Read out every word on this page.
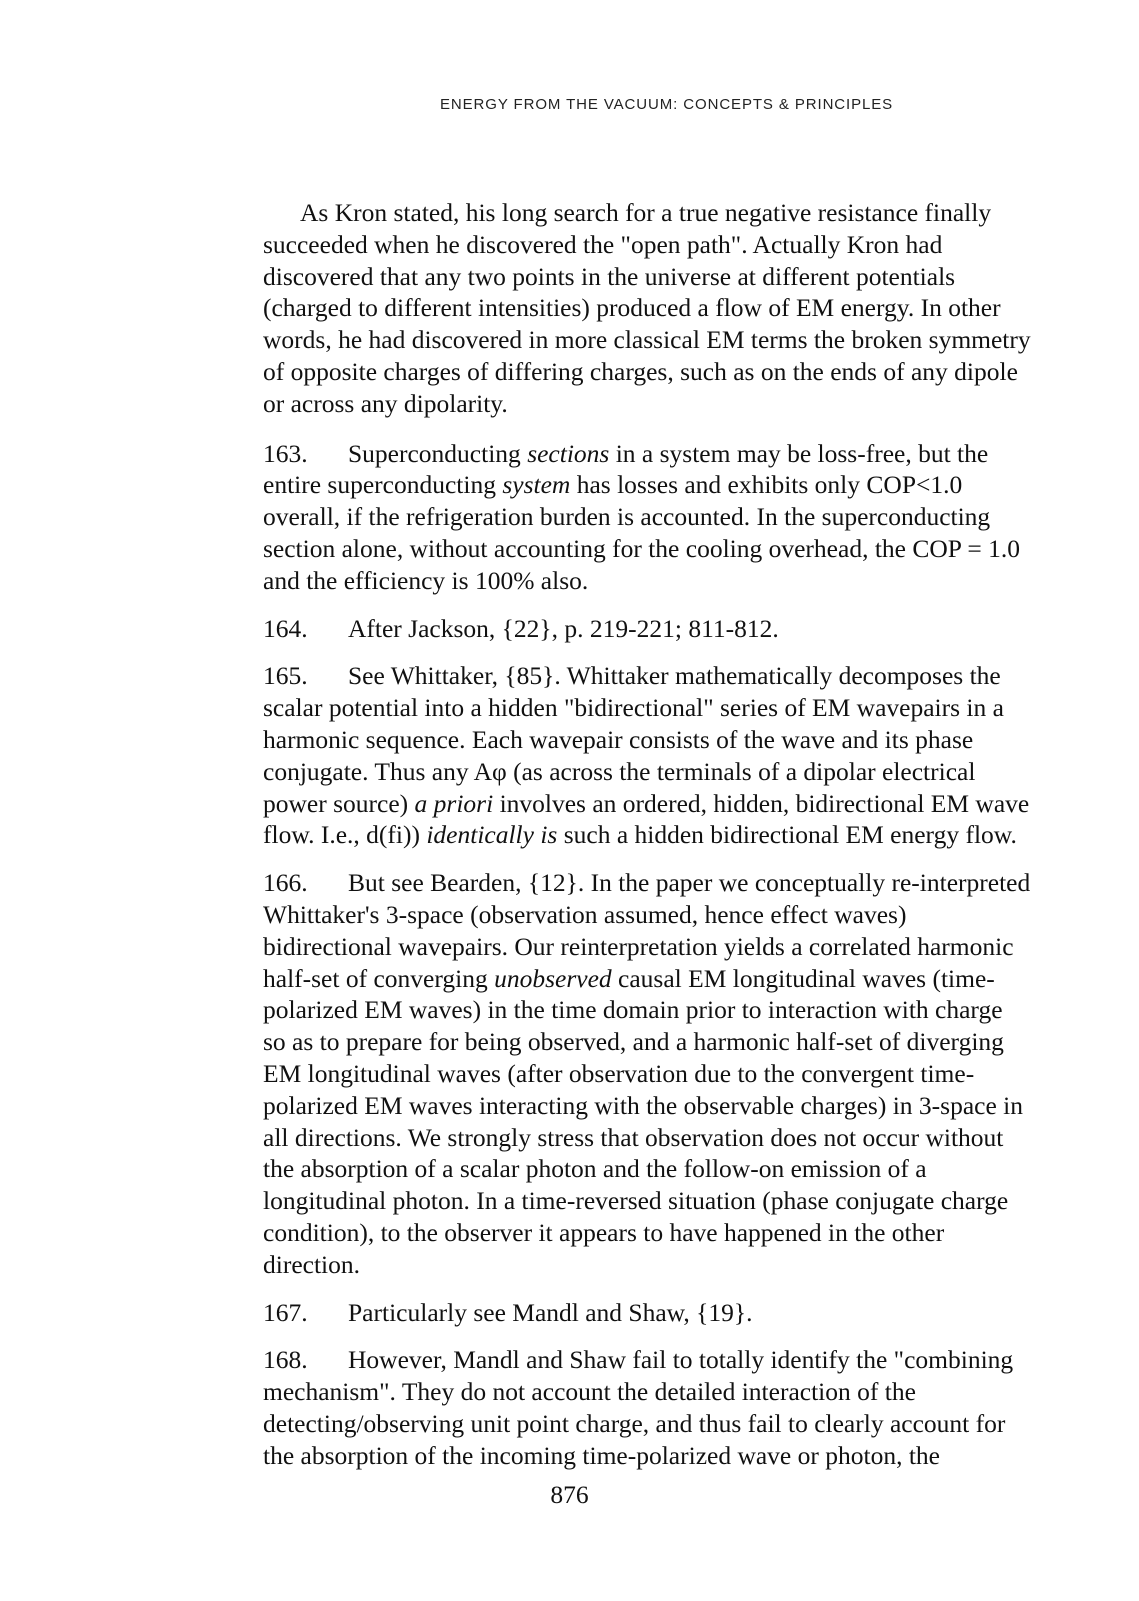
ENERGY FROM THE VACUUM: CONCEPTS & PRINCIPLES
As Kron stated, his long search for a true negative resistance finally
succeeded when he discovered the "open path". Actually Kron had
discovered that any two points in the universe at different potentials
(charged to different intensities) produced a flow of EM energy. In other
words, he had discovered in more classical EM terms the broken symmetry
of opposite charges of differing charges, such as on the ends of any dipole
or across any dipolarity.
163. Superconducting sections in a system may be loss-free, but the
entire superconducting system has losses and exhibits only COP<1.0
overall, if the refrigeration burden is accounted. In the superconducting
section alone, without accounting for the cooling overhead, the COP = 1.0
and the efficiency is 100% also.
164. After Jackson, {22}, p. 219-221; 811-812.
165. See Whittaker, {85}. Whittaker mathematically decomposes the
scalar potential into a hidden "bidirectional" series of EM wavepairs in a
harmonic sequence. Each wavepair consists of the wave and its phase
conjugate. Thus any Aφ (as across the terminals of a dipolar electrical
power source) a priori involves an ordered, hidden, bidirectional EM wave
flow. I.e., d(fi)) identically is such a hidden bidirectional EM energy flow.
166. But see Bearden, {12}. In the paper we conceptually re-interpreted
Whittaker's 3-space (observation assumed, hence effect waves)
bidirectional wavepairs. Our reinterpretation yields a correlated harmonic
half-set of converging unobserved causal EM longitudinal waves (time-
polarized EM waves) in the time domain prior to interaction with charge
so as to prepare for being observed, and a harmonic half-set of diverging
EM longitudinal waves (after observation due to the convergent time-
polarized EM waves interacting with the observable charges) in 3-space in
all directions. We strongly stress that observation does not occur without
the absorption of a scalar photon and the follow-on emission of a
longitudinal photon. In a time-reversed situation (phase conjugate charge
condition), to the observer it appears to have happened in the other
direction.
167. Particularly see Mandl and Shaw, {19}.
168. However, Mandl and Shaw fail to totally identify the "combining
mechanism". They do not account the detailed interaction of the
detecting/observing unit point charge, and thus fail to clearly account for
the absorption of the incoming time-polarized wave or photon, the
876
